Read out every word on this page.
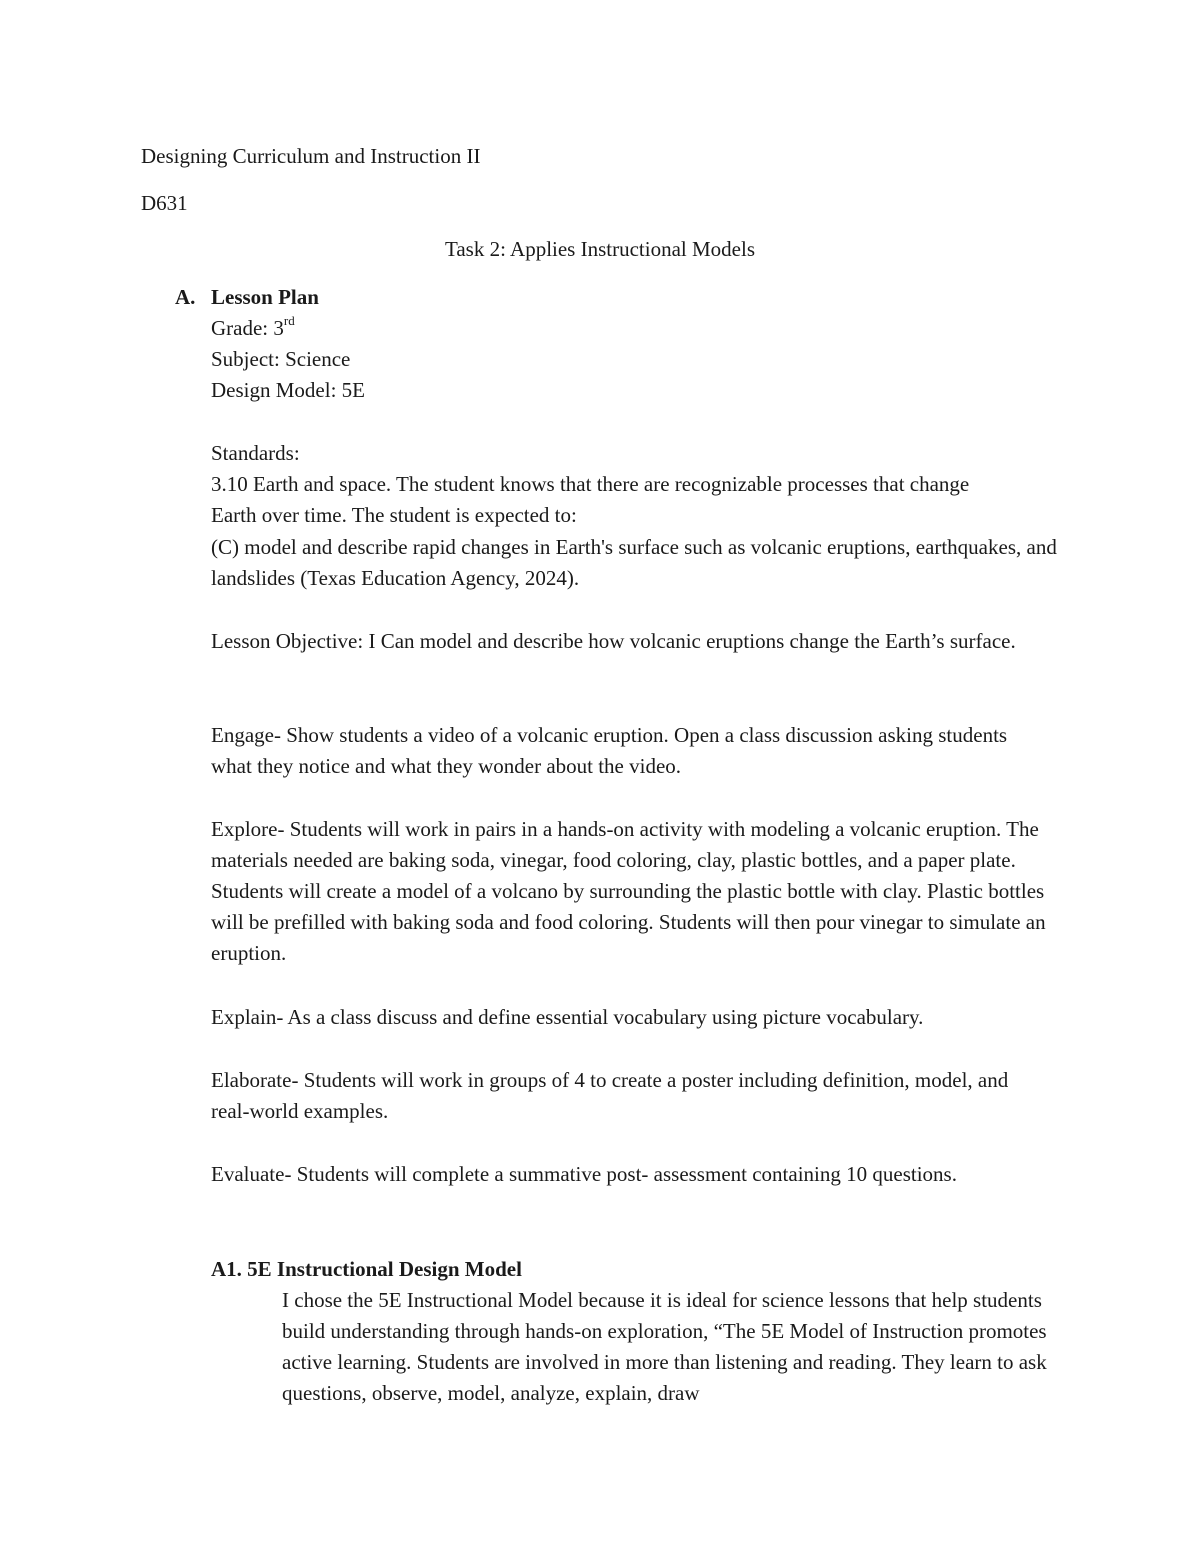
Designing Curriculum and Instruction II
D631
Task 2: Applies Instructional Models
A. Lesson Plan
Grade: 3rd
Subject: Science
Design Model: 5E
Standards:
3.10 Earth and space. The student knows that there are recognizable processes that change Earth over time. The student is expected to:
(C) model and describe rapid changes in Earth's surface such as volcanic eruptions, earthquakes, and landslides (Texas Education Agency, 2024).
Lesson Objective: I Can model and describe how volcanic eruptions change the Earth’s surface.
Engage- Show students a video of a volcanic eruption. Open a class discussion asking students what they notice and what they wonder about the video.
Explore- Students will work in pairs in a hands-on activity with modeling a volcanic eruption. The materials needed are baking soda, vinegar, food coloring, clay, plastic bottles, and a paper plate. Students will create a model of a volcano by surrounding the plastic bottle with clay. Plastic bottles will be prefilled with baking soda and food coloring. Students will then pour vinegar to simulate an eruption.
Explain- As a class discuss and define essential vocabulary using picture vocabulary.
Elaborate- Students will work in groups of 4 to create a poster including definition, model, and real-world examples.
Evaluate- Students will complete a summative post- assessment containing 10 questions.
A1. 5E Instructional Design Model
I chose the 5E Instructional Model because it is ideal for science lessons that help students build understanding through hands-on exploration, “The 5E Model of Instruction promotes active learning. Students are involved in more than listening and reading. They learn to ask questions, observe, model, analyze, explain, draw
